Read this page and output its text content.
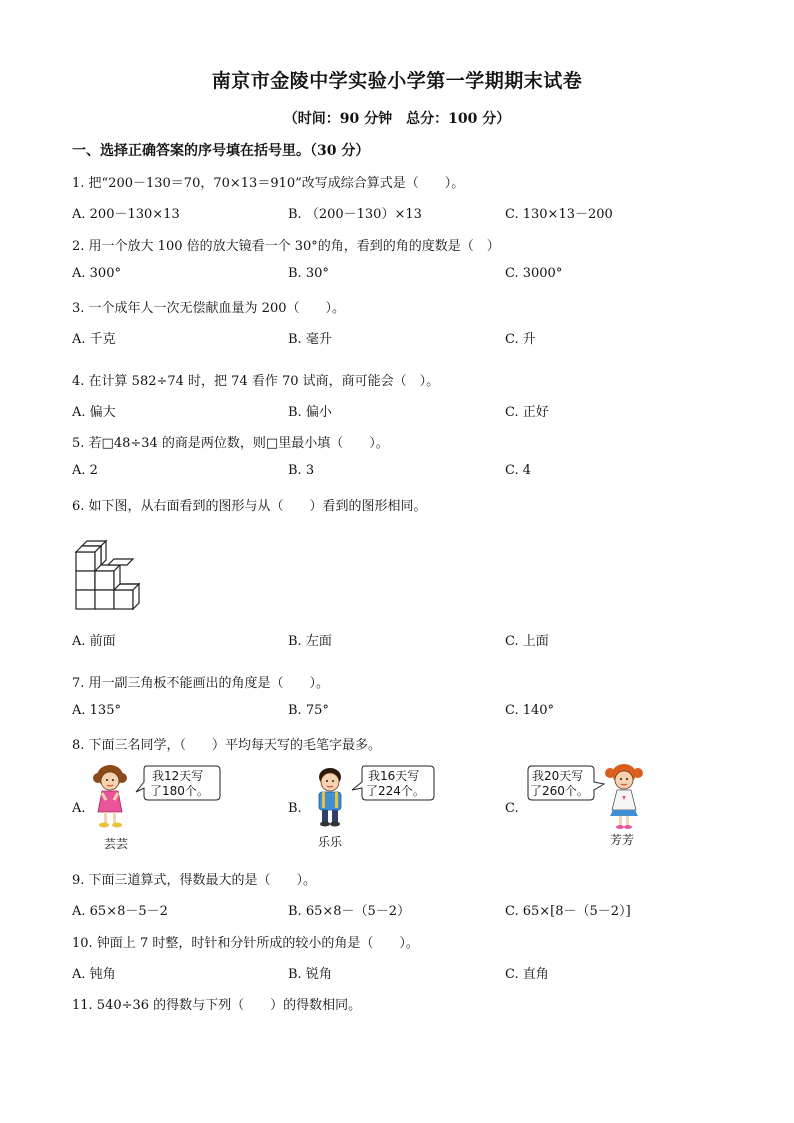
南京市金陵中学实验小学第一学期期末试卷
（时间：90 分钟　总分：100 分）
一、选择正确答案的序号填在括号里。（30 分）
1. 把“200－130＝70，70×13＝910”改写成综合算式是（　　）。
A. 200－130×13	B. （200－130）×13	C. 130×13－200
2. 用一个放大 100 倍的放大镜看一个 30°的角，看到的角的度数是（　）
A. 300°	B. 30°	C. 3000°
3. 一个成年人一次无偿献血量为 200（　　）。
A. 千克	B. 毫升	C. 升
4. 在计算 582÷74 时，把 74 看作 70 试商，商可能会（　）。
A. 偏大	B. 偏小	C. 正好
5. 若□48÷34 的商是两位数，则□里最小填（　　）。
A. 2	B. 3	C. 4
6. 如下图，从右面看到的图形与从（　　）看到的图形相同。
A. 前面	B. 左面	C. 上面
7. 用一副三角板不能画出的角度是（　　）。
A. 135°	B. 75°	C. 140°
8. 下面三名同学，（　　）平均每天写的毛笔字最多。
A.
我12天写
了180个。
芸芸
B.
我16天写
了224个。
乐乐
C.
我20天写
了260个。
芳芳
9. 下面三道算式，得数最大的是（　　）。
A. 65×8－5－2	B. 65×8－（5－2）	C. 65×[8－（5－2）]
10. 钟面上 7 时整，时针和分针所成的较小的角是（　　）。
A. 钝角	B. 锐角	C. 直角
11. 540÷36 的得数与下列（　　）的得数相同。
